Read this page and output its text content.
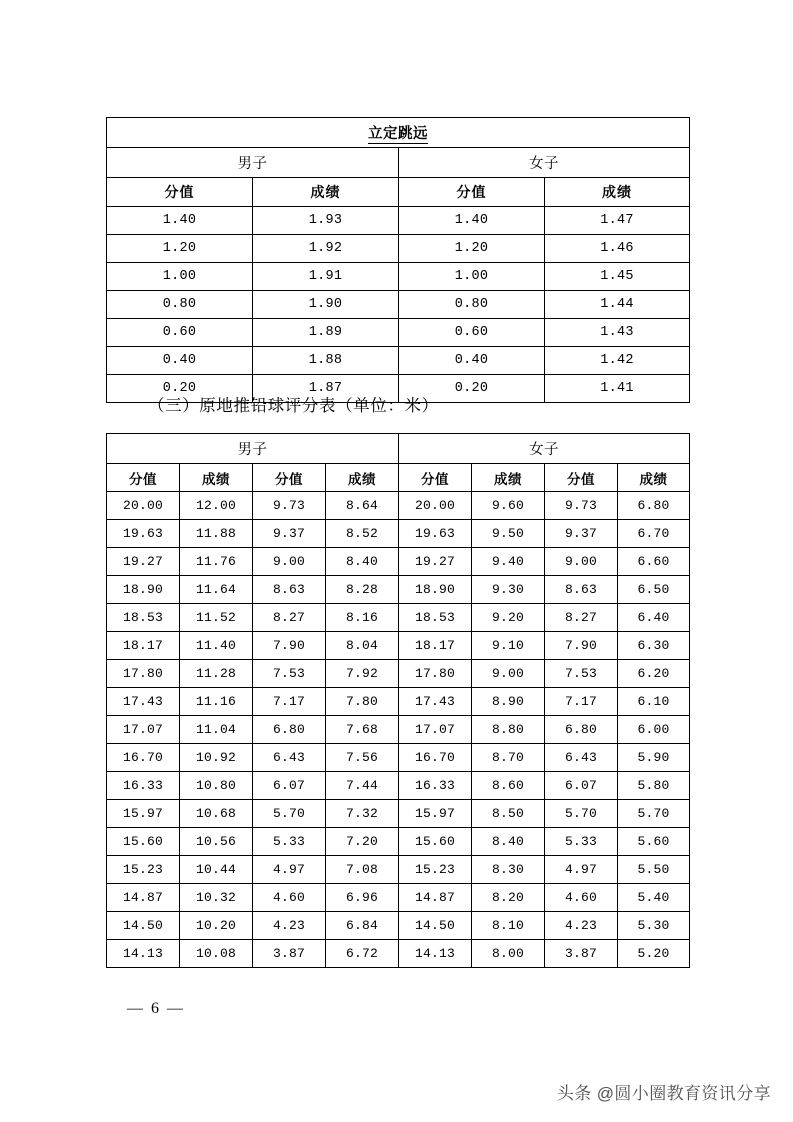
立定跳远			
男子		女子	
分值	成绩	分值	成绩
1.40	1.93	1.40	1.47
1.20	1.92	1.20	1.46
1.00	1.91	1.00	1.45
0.80	1.90	0.80	1.44
0.60	1.89	0.60	1.43
0.40	1.88	0.40	1.42
0.20	1.87	0.20	1.41
（三）原地推铅球评分表（单位：米）
男子				女子			
分值	成绩	分值	成绩	分值	成绩	分值	成绩
20.00	12.00	9.73	8.64	20.00	9.60	9.73	6.80
19.63	11.88	9.37	8.52	19.63	9.50	9.37	6.70
19.27	11.76	9.00	8.40	19.27	9.40	9.00	6.60
18.90	11.64	8.63	8.28	18.90	9.30	8.63	6.50
18.53	11.52	8.27	8.16	18.53	9.20	8.27	6.40
18.17	11.40	7.90	8.04	18.17	9.10	7.90	6.30
17.80	11.28	7.53	7.92	17.80	9.00	7.53	6.20
17.43	11.16	7.17	7.80	17.43	8.90	7.17	6.10
17.07	11.04	6.80	7.68	17.07	8.80	6.80	6.00
16.70	10.92	6.43	7.56	16.70	8.70	6.43	5.90
16.33	10.80	6.07	7.44	16.33	8.60	6.07	5.80
15.97	10.68	5.70	7.32	15.97	8.50	5.70	5.70
15.60	10.56	5.33	7.20	15.60	8.40	5.33	5.60
15.23	10.44	4.97	7.08	15.23	8.30	4.97	5.50
14.87	10.32	4.60	6.96	14.87	8.20	4.60	5.40
14.50	10.20	4.23	6.84	14.50	8.10	4.23	5.30
14.13	10.08	3.87	6.72	14.13	8.00	3.87	5.20
— 6 —
头条 @圆小圈教育资讯分享
